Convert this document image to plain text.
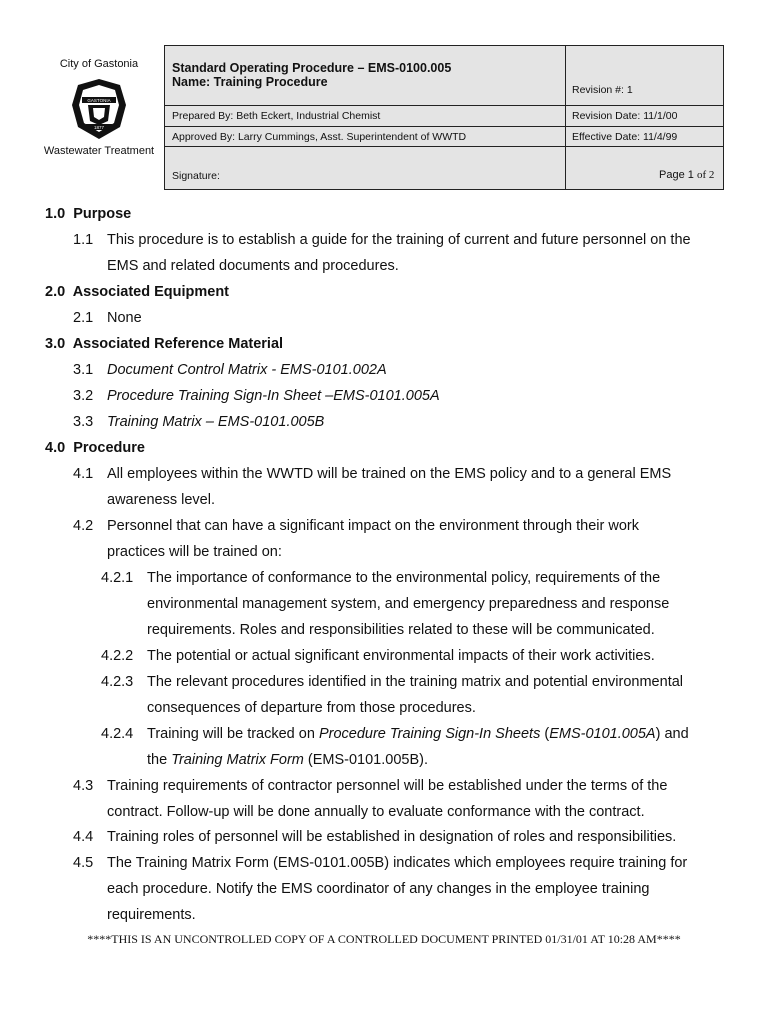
City of Gastonia
GASTONIA
1877
Wastewater Treatment
Standard Operating Procedure – EMS-0100.005
Name: Training Procedure
Revision #: 1
Prepared By: Beth Eckert, Industrial Chemist	Revision Date: 11/1/00
Approved By: Larry Cummings, Asst. Superintendent of WWTD	Effective Date: 11/4/99
Signature:	Page 1 of 2
1.0 Purpose
1.1 This procedure is to establish a guide for the training of current and future personnel on the
EMS and related documents and procedures.
2.0 Associated Equipment
2.1 None
3.0 Associated Reference Material
3.1 Document Control Matrix - EMS-0101.002A
3.2 Procedure Training Sign-In Sheet –EMS-0101.005A
3.3 Training Matrix – EMS-0101.005B
4.0 Procedure
4.1 All employees within the WWTD will be trained on the EMS policy and to a general EMS
awareness level.
4.2 Personnel that can have a significant impact on the environment through their work
practices will be trained on:
4.2.1 The importance of conformance to the environmental policy, requirements of the
environmental management system, and emergency preparedness and response
requirements. Roles and responsibilities related to these will be communicated.
4.2.2 The potential or actual significant environmental impacts of their work activities.
4.2.3 The relevant procedures identified in the training matrix and potential environmental
consequences of departure from those procedures.
4.2.4 Training will be tracked on Procedure Training Sign-In Sheets (EMS-0101.005A) and
the Training Matrix Form (EMS-0101.005B).
4.3 Training requirements of contractor personnel will be established under the terms of the
contract. Follow-up will be done annually to evaluate conformance with the contract.
4.4 Training roles of personnel will be established in designation of roles and responsibilities.
4.5 The Training Matrix Form (EMS-0101.005B) indicates which employees require training for
each procedure. Notify the EMS coordinator of any changes in the employee training
requirements.
****THIS IS AN UNCONTROLLED COPY OF A CONTROLLED DOCUMENT PRINTED 01/31/01 AT 10:28 AM****
